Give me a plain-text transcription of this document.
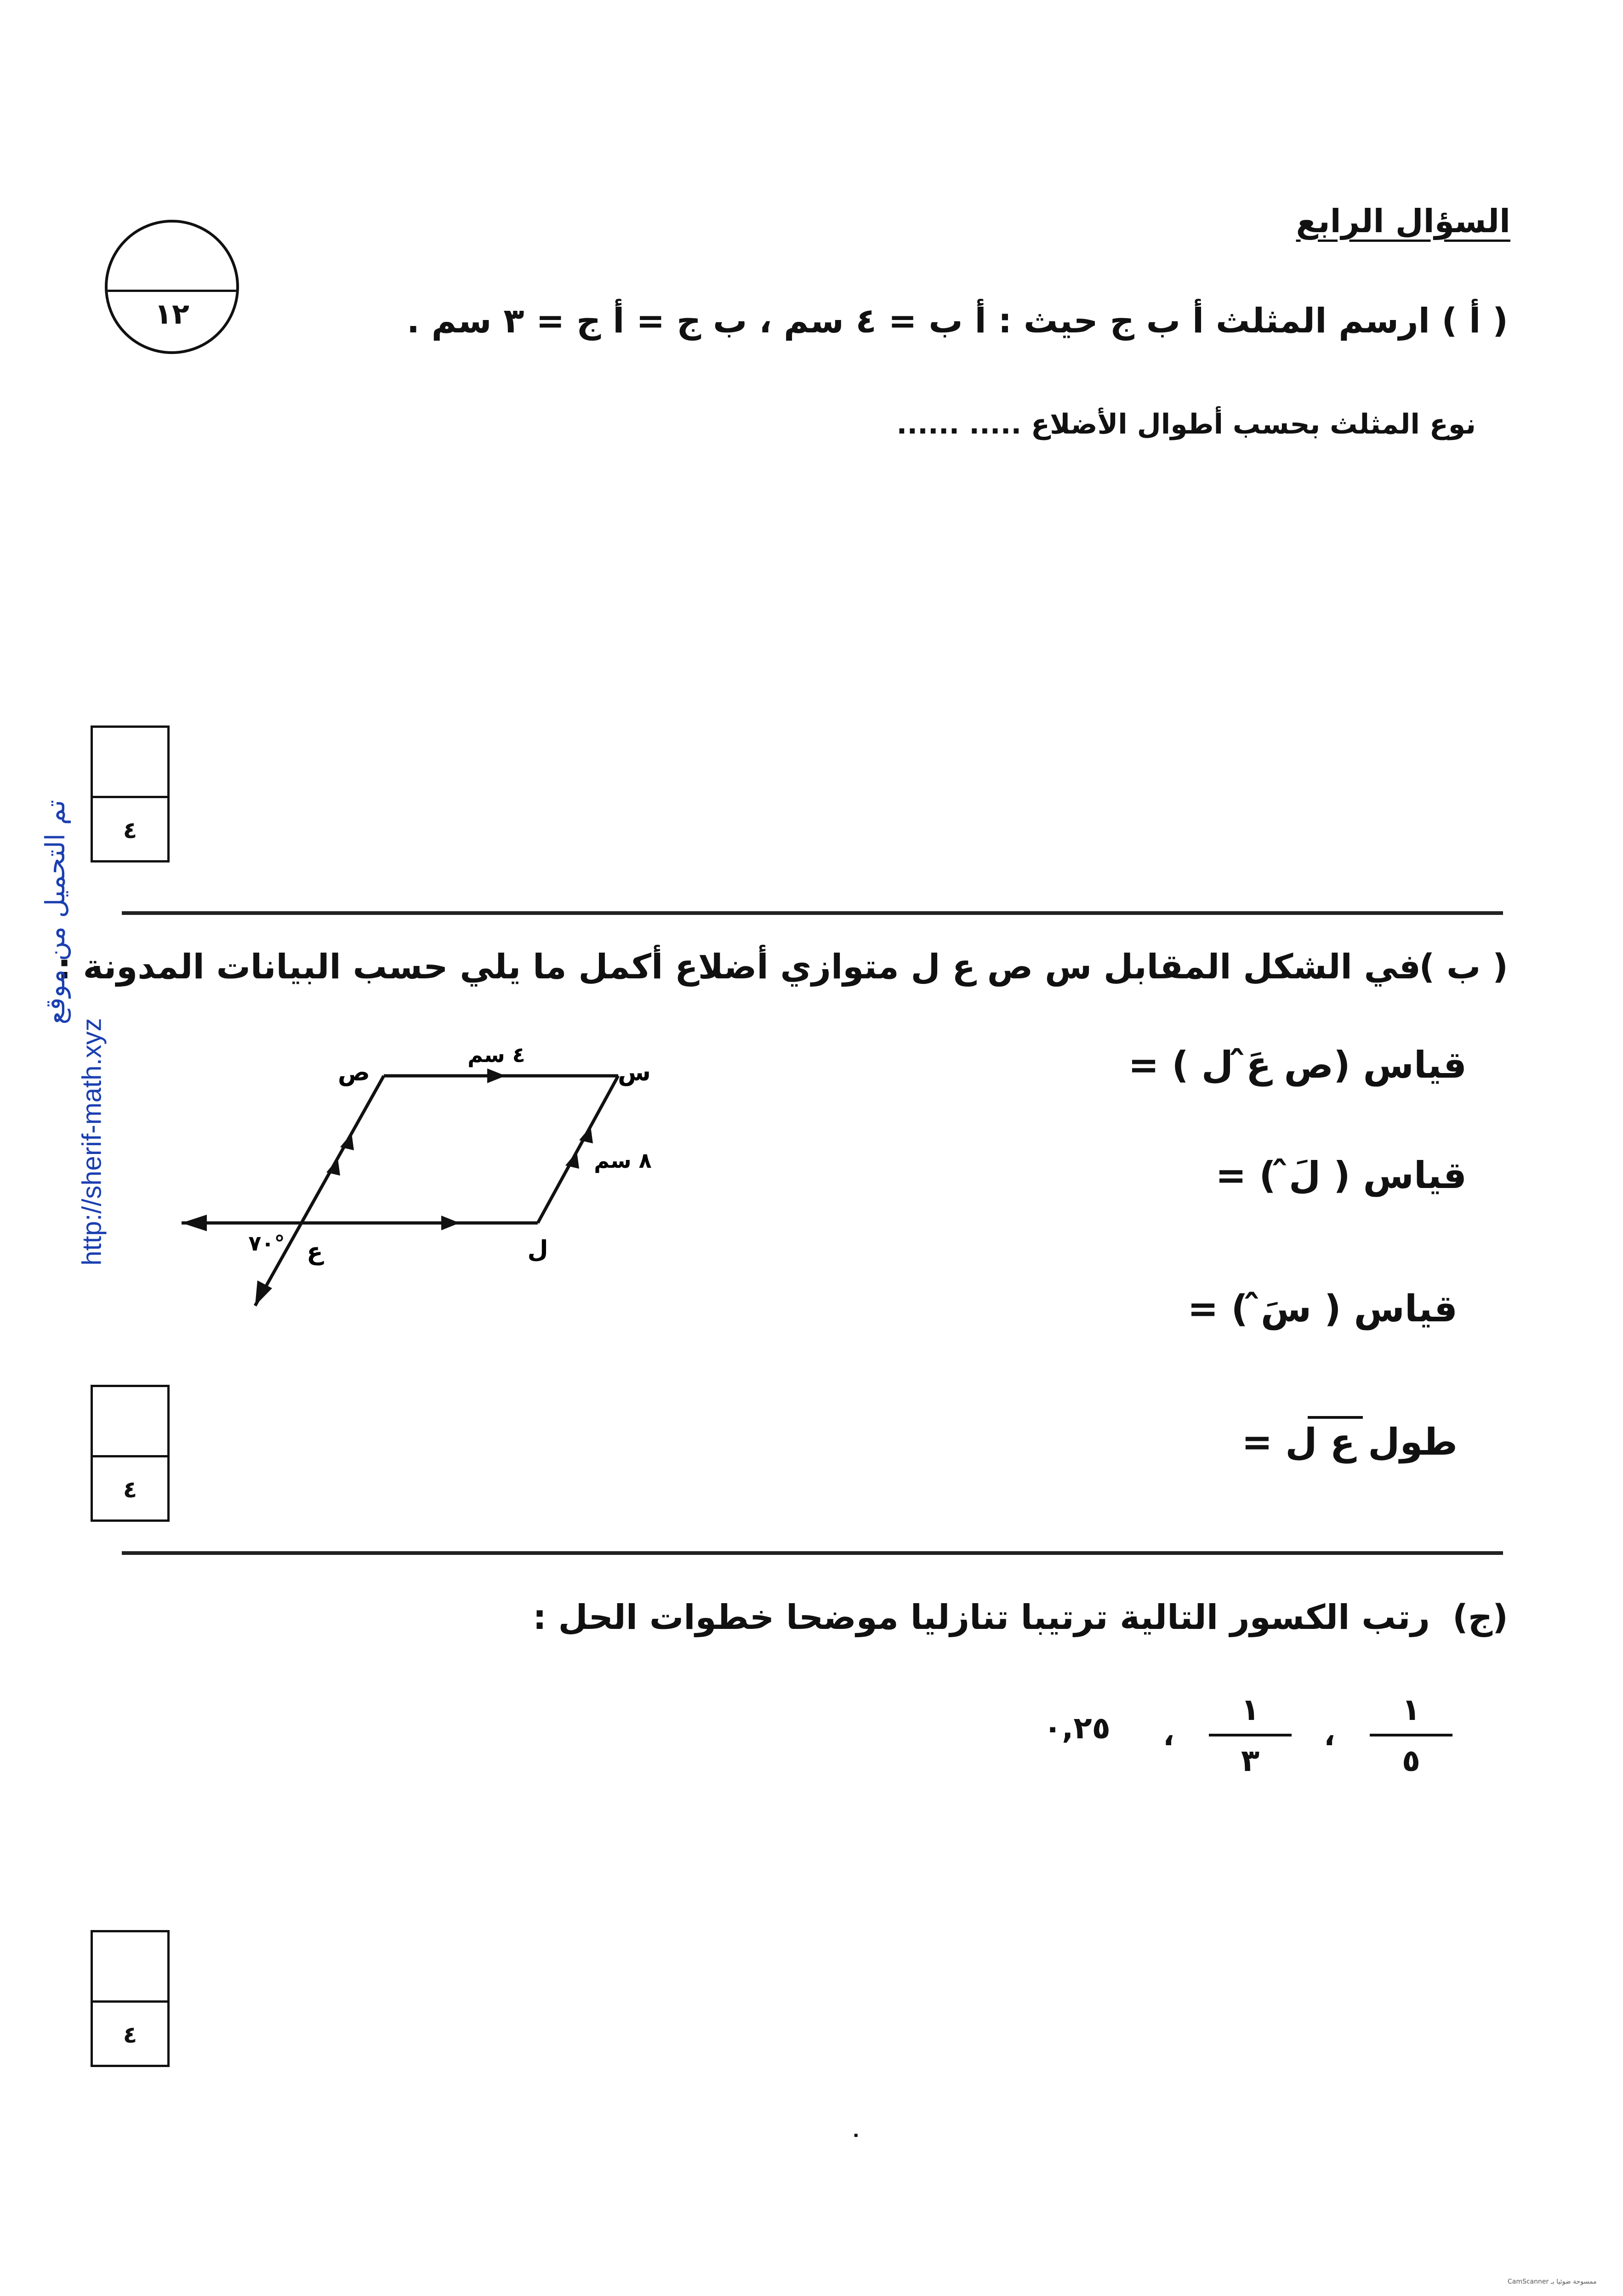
السؤال الرابع
١٢	( أ )
ارسم المثلث أ ب ج حيث : أ ب = ٤ سم ، ب ج = أ ج = ٣ سم .
نوع المثلث بحسب أطوال الأضلاع ..... ......
٤
( ب )
في الشكل المقابل س ص ع ل متوازي أضلاع أكمل ما يلي حسب البيانات المدونة :
قياس (ص عَ̂ ل ) =
قياس ( لَ̂ ) =
قياس ( سَ̂ ) =
طول ع ل =
س
ص
ع	ل
٤ سم
٨ سم
٧٠°
٤
(ج)
رتب الكسور التالية ترتيبا تنازليا موضحا خطوات الحل :
١
٥
،
١
٣
،
٠,٢٥
٤
http://sherif-math.xyz
تم التحميل من موقع
٠
CamScanner ممسوحة ضوئيا بـ
